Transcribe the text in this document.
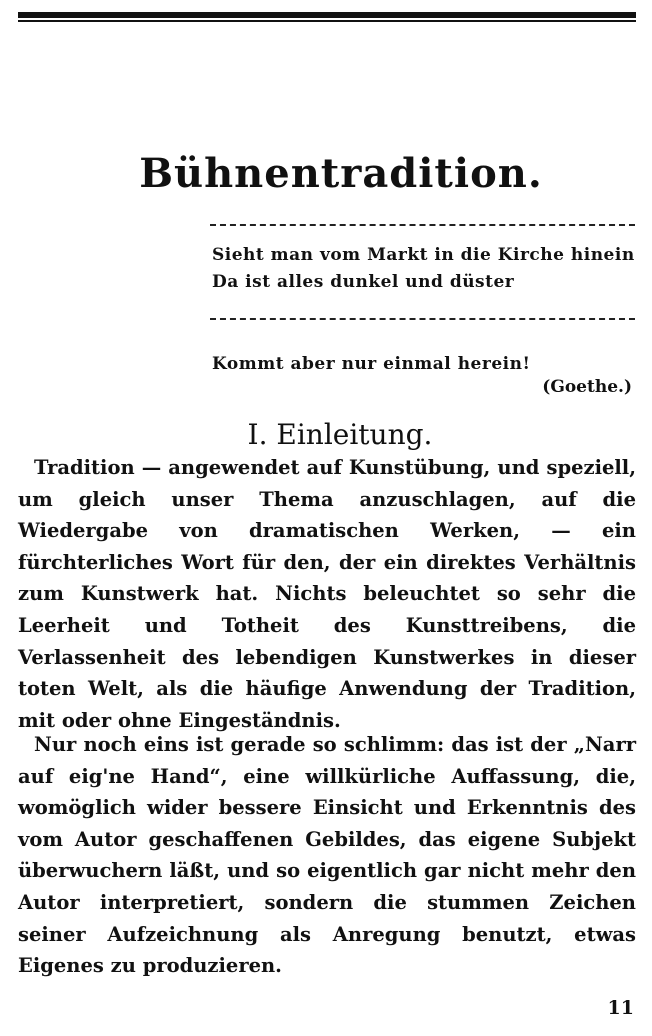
Bühnentradition.
Sieht man vom Markt in die Kirche hinein
Da ist alles dunkel und düster
Kommt aber nur einmal herein!
(Goethe.)
I. Einleitung.
Tradition — angewendet auf Kunstübung, und speziell, um gleich unser Thema anzuschlagen, auf die Wiedergabe von dramatischen Werken, — ein fürchterliches Wort für den, der ein direktes Verhältnis zum Kunstwerk hat. Nichts beleuchtet so sehr die Leerheit und Totheit des Kunsttreibens, die Verlassenheit des lebendigen Kunstwerkes in dieser toten Welt, als die häufige Anwendung der Tradition, mit oder ohne Eingeständnis.
Nur noch eins ist gerade so schlimm: das ist der „Narr auf eig'ne Hand“, eine willkürliche Auffassung, die, womöglich wider bessere Einsicht und Erkenntnis des vom Autor geschaffenen Gebildes, das eigene Subjekt überwuchern läßt, und so eigentlich gar nicht mehr den Autor interpretiert, sondern die stummen Zeichen seiner Aufzeichnung als Anregung benutzt, etwas Eigenes zu produzieren.
11
